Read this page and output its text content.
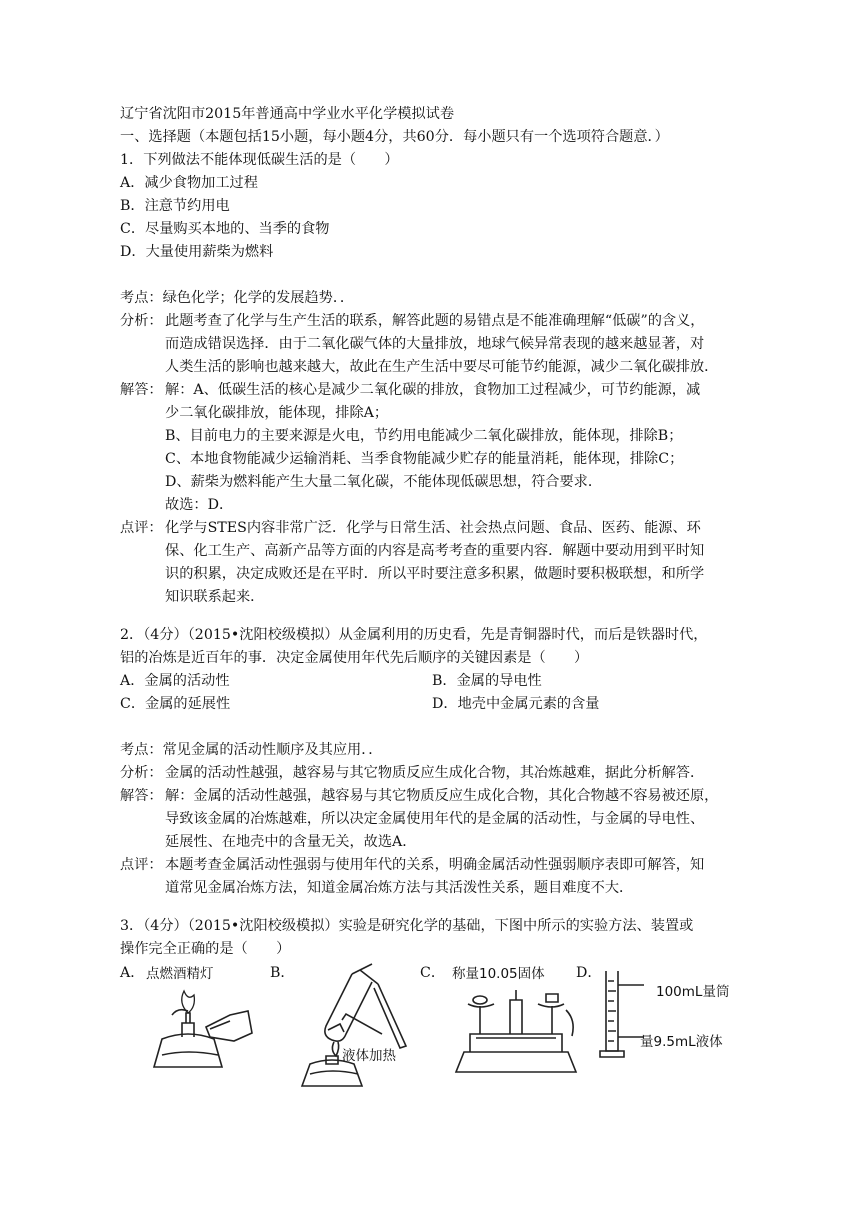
辽宁省沈阳市2015年普通高中学业水平化学模拟试卷
一、选择题（本题包括15小题，每小题4分，共60分．每小题只有一个选项符合题意．）
1．下列做法不能体现低碳生活的是（　　）
A．减少食物加工过程
B．注意节约用电
C．尽量购买本地的、当季的食物
D．大量使用薪柴为燃料
考点：绿色化学；化学的发展趋势．．
分析： 此题考查了化学与生产生活的联系，解答此题的易错点是不能准确理解“低碳”的含义，
而造成错误选择．由于二氧化碳气体的大量排放，地球气候异常表现的越来越显著，对
人类生活的影响也越来越大，故此在生产生活中要尽可能节约能源，减少二氧化碳排放．
解答： 解：A、低碳生活的核心是减少二氧化碳的排放，食物加工过程减少，可节约能源，减
少二氧化碳排放，能体现，排除A；
B、目前电力的主要来源是火电，节约用电能减少二氧化碳排放，能体现，排除B；
C、本地食物能减少运输消耗、当季食物能减少贮存的能量消耗，能体现，排除C；
D、薪柴为燃料能产生大量二氧化碳，不能体现低碳思想，符合要求．
故选：D．
点评： 化学与STES内容非常广泛．化学与日常生活、社会热点问题、食品、医药、能源、环
保、化工生产、高新产品等方面的内容是高考考查的重要内容．解题中要动用到平时知
识的积累，决定成败还是在平时．所以平时要注意多积累，做题时要积极联想，和所学
知识联系起来．
2．（4分）（2015•沈阳校级模拟）从金属利用的历史看，先是青铜器时代，而后是铁器时代，
铝的冶炼是近百年的事．决定金属使用年代先后顺序的关键因素是（　　）
A．金属的活动性	B．金属的导电性
C．金属的延展性	D．地壳中金属元素的含量
考点：常见金属的活动性顺序及其应用．．
分析： 金属的活动性越强，越容易与其它物质反应生成化合物，其冶炼越难，据此分析解答．
解答： 解：金属的活动性越强，越容易与其它物质反应生成化合物，其化合物越不容易被还原，
导致该金属的冶炼越难，所以决定金属使用年代的是金属的活动性，与金属的导电性、
延展性、在地壳中的含量无关，故选A．
点评： 本题考查金属活动性强弱与使用年代的关系，明确金属活动性强弱顺序表即可解答，知
道常见金属冶炼方法，知道金属冶炼方法与其活泼性关系，题目难度不大．
3．（4分）（2015•沈阳校级模拟）实验是研究化学的基础，下图中所示的实验方法、装置或
操作完全正确的是（　　）
A． 点燃酒精灯	B．	C． 称量10.05固体 D．
液体加热
100mL量筒
量9.5mL液体
